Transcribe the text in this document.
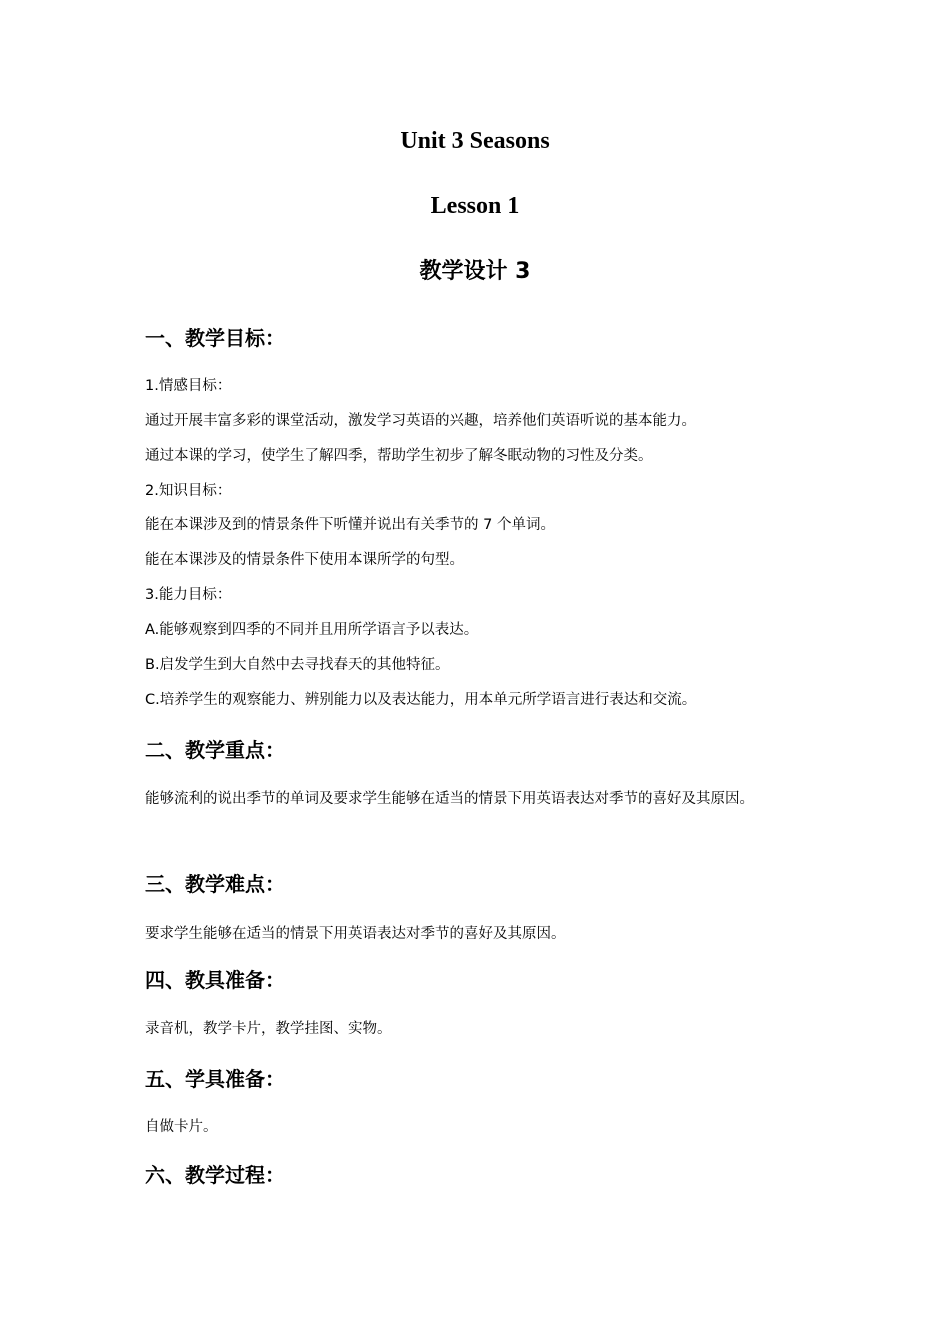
Unit 3 Seasons
Lesson 1
教学设计 3
一、教学目标：

1.情感目标：

通过开展丰富多彩的课堂活动，激发学习英语的兴趣，培养他们英语听说的基本能力。

通过本课的学习，使学生了解四季，帮助学生初步了解冬眠动物的习性及分类。

2.知识目标：

能在本课涉及到的情景条件下听懂并说出有关季节的 7 个单词。

能在本课涉及的情景条件下使用本课所学的句型。

3.能力目标：

A.能够观察到四季的不同并且用所学语言予以表达。

B.启发学生到大自然中去寻找春天的其他特征。

C.培养学生的观察能力、辨别能力以及表达能力，用本单元所学语言进行表达和交流。

二、教学重点：

能够流利的说出季节的单词及要求学生能够在适当的情景下用英语表达对季节的喜好及其原因。

三、教学难点：

要求学生能够在适当的情景下用英语表达对季节的喜好及其原因。

四、教具准备：

录音机，教学卡片，教学挂图、实物。

五、学具准备：

自做卡片。

六、教学过程：
